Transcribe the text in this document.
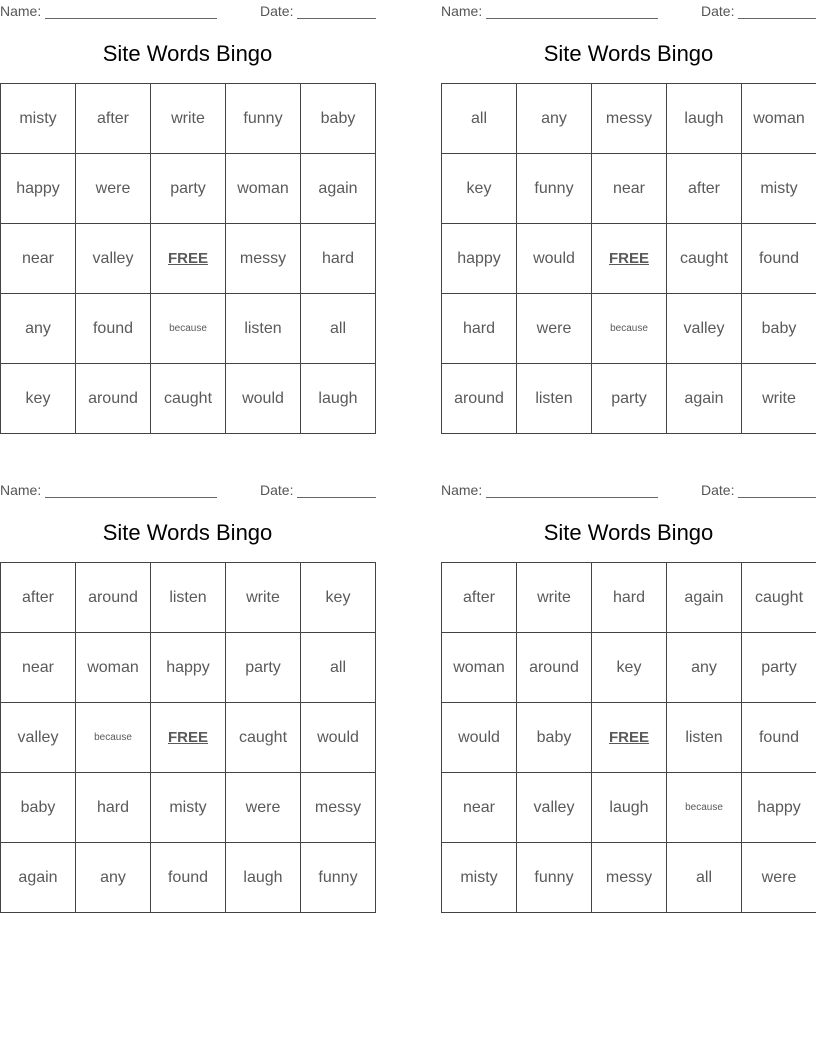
Name:	Date:
Site Words Bingo
misty	after	write	funny	baby
happy	were	party	woman	again
near	valley	FREE	messy	hard
any	found	because	listen	all
key	around	caught	would	laugh
Name:	Date:
Site Words Bingo
all	any	messy	laugh	woman
key	funny	near	after	misty
happy	would	FREE	caught	found
hard	were	because	valley	baby
around	listen	party	again	write
Name:	Date:
Site Words Bingo
after	around	listen	write	key
near	woman	happy	party	all
valley	because	FREE	caught	would
baby	hard	misty	were	messy
again	any	found	laugh	funny
Name:	Date:
Site Words Bingo
after	write	hard	again	caught
woman	around	key	any	party
would	baby	FREE	listen	found
near	valley	laugh	because	happy
misty	funny	messy	all	were
